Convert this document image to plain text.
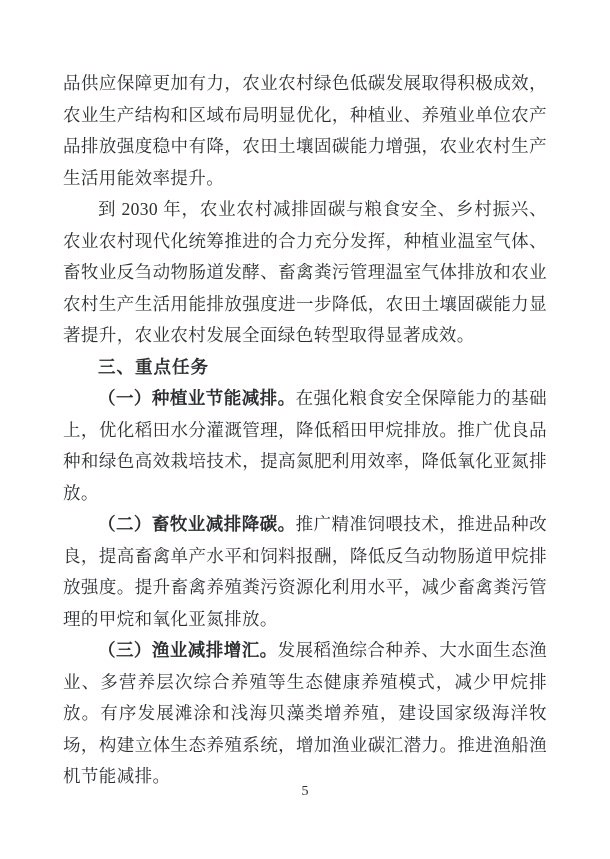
品供应保障更加有力，农业农村绿色低碳发展取得积极成效，农业生产结构和区域布局明显优化，种植业、养殖业单位农产品排放强度稳中有降，农田土壤固碳能力增强，农业农村生产生活用能效率提升。

到 2030 年，农业农村减排固碳与粮食安全、乡村振兴、农业农村现代化统筹推进的合力充分发挥，种植业温室气体、畜牧业反刍动物肠道发酵、畜禽粪污管理温室气体排放和农业农村生产生活用能排放强度进一步降低，农田土壤固碳能力显著提升，农业农村发展全面绿色转型取得显著成效。

三、重点任务

（一）种植业节能减排。在强化粮食安全保障能力的基础上，优化稻田水分灌溉管理，降低稻田甲烷排放。推广优良品种和绿色高效栽培技术，提高氮肥利用效率，降低氧化亚氮排放。

（二）畜牧业减排降碳。推广精准饲喂技术，推进品种改良，提高畜禽单产水平和饲料报酬，降低反刍动物肠道甲烷排放强度。提升畜禽养殖粪污资源化利用水平，减少畜禽粪污管理的甲烷和氧化亚氮排放。

（三）渔业减排增汇。发展稻渔综合种养、大水面生态渔业、多营养层次综合养殖等生态健康养殖模式，减少甲烷排放。有序发展滩涂和浅海贝藻类增养殖，建设国家级海洋牧场，构建立体生态养殖系统，增加渔业碳汇潜力。推进渔船渔机节能减排。

5
